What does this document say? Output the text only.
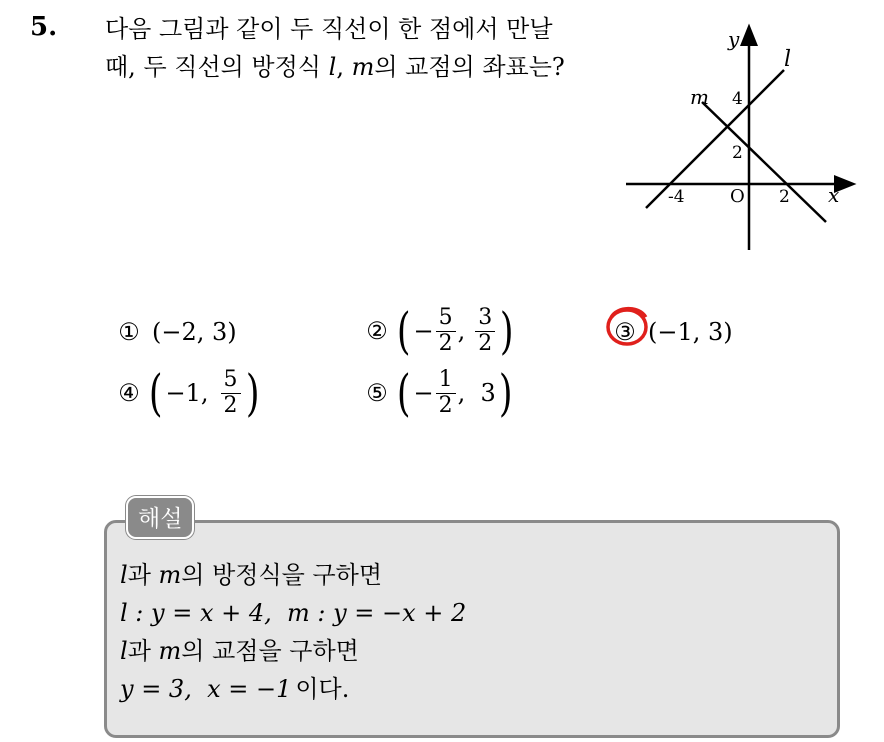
5. 다음 그림과 같이 두 직선이 한 점에서 만날
때, 두 직선의 방정식 l, m의 교점의 좌표는?
y
x
l
m
O
4
2
-4	2
① (−2, 3)	② ( − $\frac{5}{2}$ , $\frac{3}{2}$ )	③ (−1, 3)
④ ( −1, $\frac{5}{2}$ )	⑤ ( − $\frac{1}{2}$ ,  3 )
해설
l과 m의 방정식을 구하면
l : y = x + 4,  m : y = −x + 2
l과 m의 교점을 구하면
y = 3,  x = −1 이다.
